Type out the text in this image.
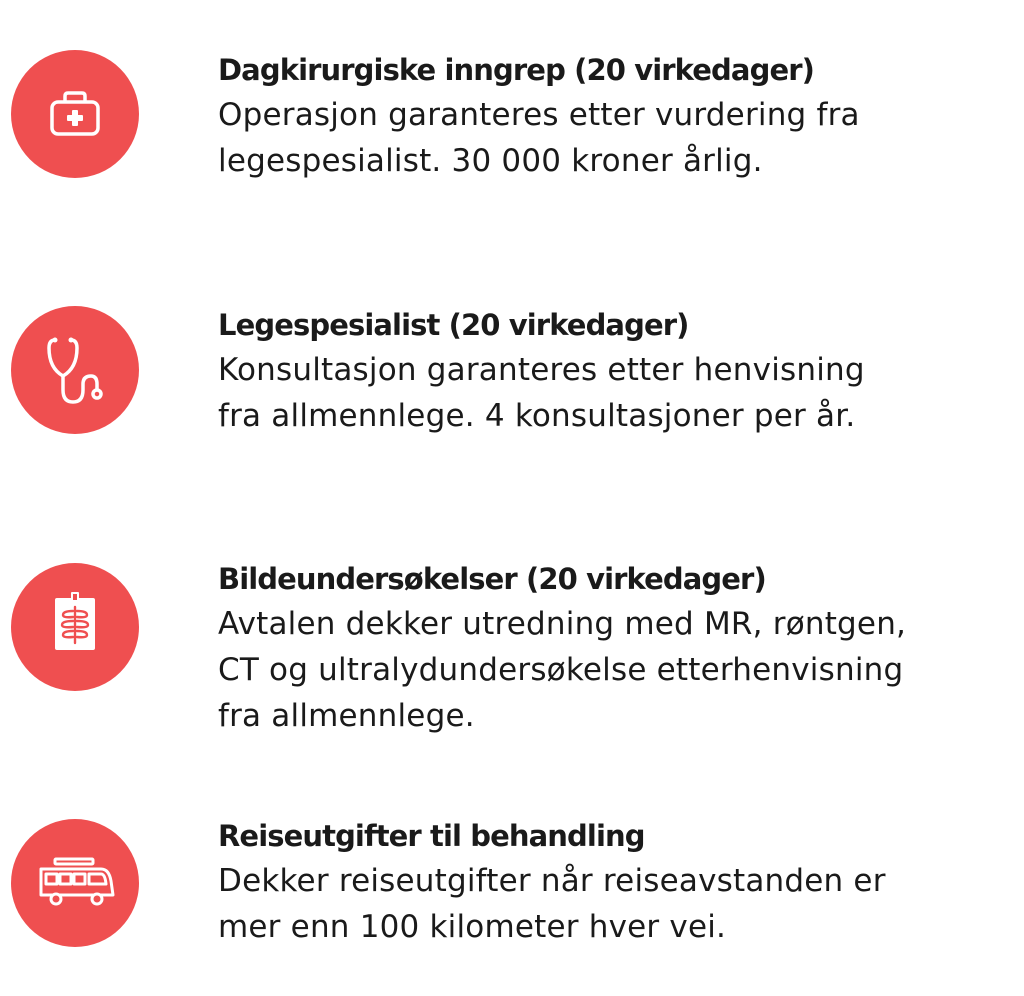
Dagkirurgiske inngrep (20 virkedager)

Operasjon garanteres etter vurdering fra
legespesialist. 30 000 kroner årlig.

Legespesialist (20 virkedager)

Konsultasjon garanteres etter henvisning
fra allmennlege. 4 konsultasjoner per år.

Bildeundersøkelser (20 virkedager)

Avtalen dekker utredning med MR, røntgen,
CT og ultralydundersøkelse etterhenvisning
fra allmennlege.

Reiseutgifter til behandling

Dekker reiseutgifter når reiseavstanden er
mer enn 100 kilometer hver vei.
